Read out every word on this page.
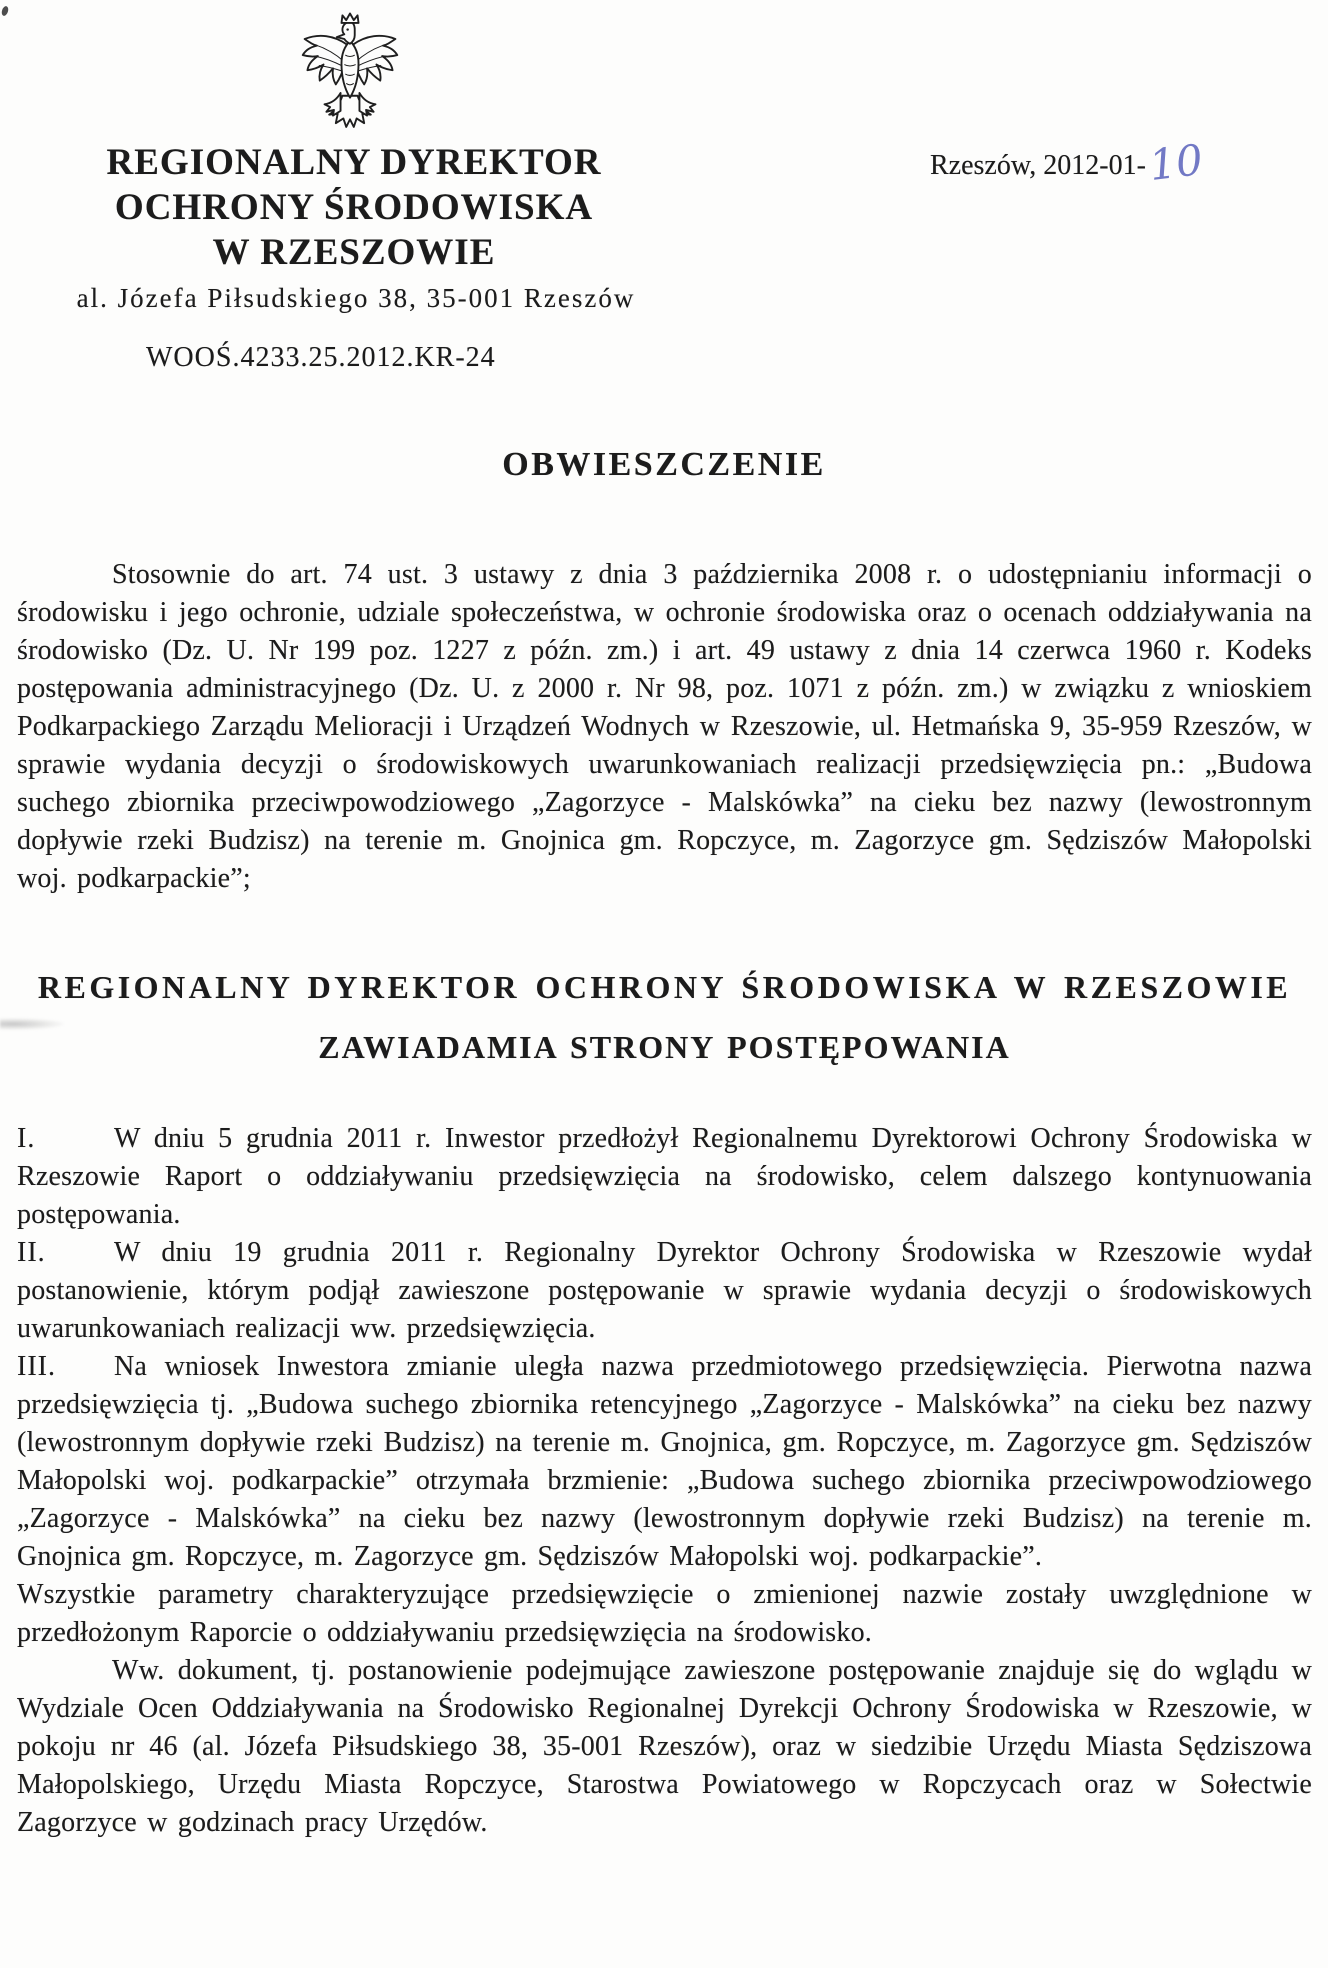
REGIONALNY DYREKTOR
OCHRONY ŚRODOWISKA
W RZESZOWIE
al. Józefa Piłsudskiego 38, 35-001 Rzeszów
Rzeszów, 2012-01-10
WOOŚ.4233.25.2012.KR-24
OBWIESZCZENIE

Stosownie do art. 74 ust. 3 ustawy z dnia 3 października 2008 r. o udostępnianiu informacji o środowisku i jego ochronie, udziale społeczeństwa, w ochronie środowiska oraz o ocenach oddziaływania na środowisko (Dz. U. Nr 199 poz. 1227 z późn. zm.) i art. 49 ustawy z dnia 14 czerwca 1960 r. Kodeks postępowania administracyjnego (Dz. U. z 2000 r. Nr 98, poz. 1071 z późn. zm.) w związku z wnioskiem Podkarpackiego Zarządu Melioracji i Urządzeń Wodnych w Rzeszowie, ul. Hetmańska 9, 35-959 Rzeszów, w sprawie wydania decyzji o środowiskowych uwarunkowaniach realizacji przedsięwzięcia pn.: „Budowa suchego zbiornika przeciwpowodziowego „Zagorzyce - Malskówka” na cieku bez nazwy (lewostronnym dopływie rzeki Budzisz) na terenie m. Gnojnica gm. Ropczyce, m. Zagorzyce gm. Sędziszów Małopolski woj. podkarpackie”;

REGIONALNY DYREKTOR OCHRONY ŚRODOWISKA W RZESZOWIE
ZAWIADAMIA STRONY POSTĘPOWANIA

I.	W dniu 5 grudnia 2011 r. Inwestor przedłożył Regionalnemu Dyrektorowi Ochrony Środowiska w Rzeszowie Raport o oddziaływaniu przedsięwzięcia na środowisko, celem dalszego kontynuowania postępowania.

II. W dniu 19 grudnia 2011 r. Regionalny Dyrektor Ochrony Środowiska w Rzeszowie wydał postanowienie, którym podjął zawieszone postępowanie w sprawie wydania decyzji o środowiskowych uwarunkowaniach realizacji ww. przedsięwzięcia.

III. Na wniosek Inwestora zmianie uległa nazwa przedmiotowego przedsięwzięcia. Pierwotna nazwa przedsięwzięcia tj. „Budowa suchego zbiornika retencyjnego „Zagorzyce - Malskówka” na cieku bez nazwy (lewostronnym dopływie rzeki Budzisz) na terenie m. Gnojnica, gm. Ropczyce, m. Zagorzyce gm. Sędziszów Małopolski woj. podkarpackie” otrzymała brzmienie: „Budowa suchego zbiornika przeciwpowodziowego „Zagorzyce - Malskówka” na cieku bez nazwy (lewostronnym dopływie rzeki Budzisz) na terenie m. Gnojnica gm. Ropczyce, m. Zagorzyce gm. Sędziszów Małopolski woj. podkarpackie”.

Wszystkie parametry charakteryzujące przedsięwzięcie o zmienionej nazwie zostały uwzględnione w przedłożonym Raporcie o oddziaływaniu przedsięwzięcia na środowisko.

Ww. dokument, tj. postanowienie podejmujące zawieszone postępowanie znajduje się do wglądu w Wydziale Ocen Oddziaływania na Środowisko Regionalnej Dyrekcji Ochrony Środowiska w Rzeszowie, w pokoju nr 46 (al. Józefa Piłsudskiego 38, 35-001 Rzeszów), oraz w siedzibie Urzędu Miasta Sędziszowa Małopolskiego, Urzędu Miasta Ropczyce, Starostwa Powiatowego w Ropczycach oraz w Sołectwie Zagorzyce w godzinach pracy Urzędów.
